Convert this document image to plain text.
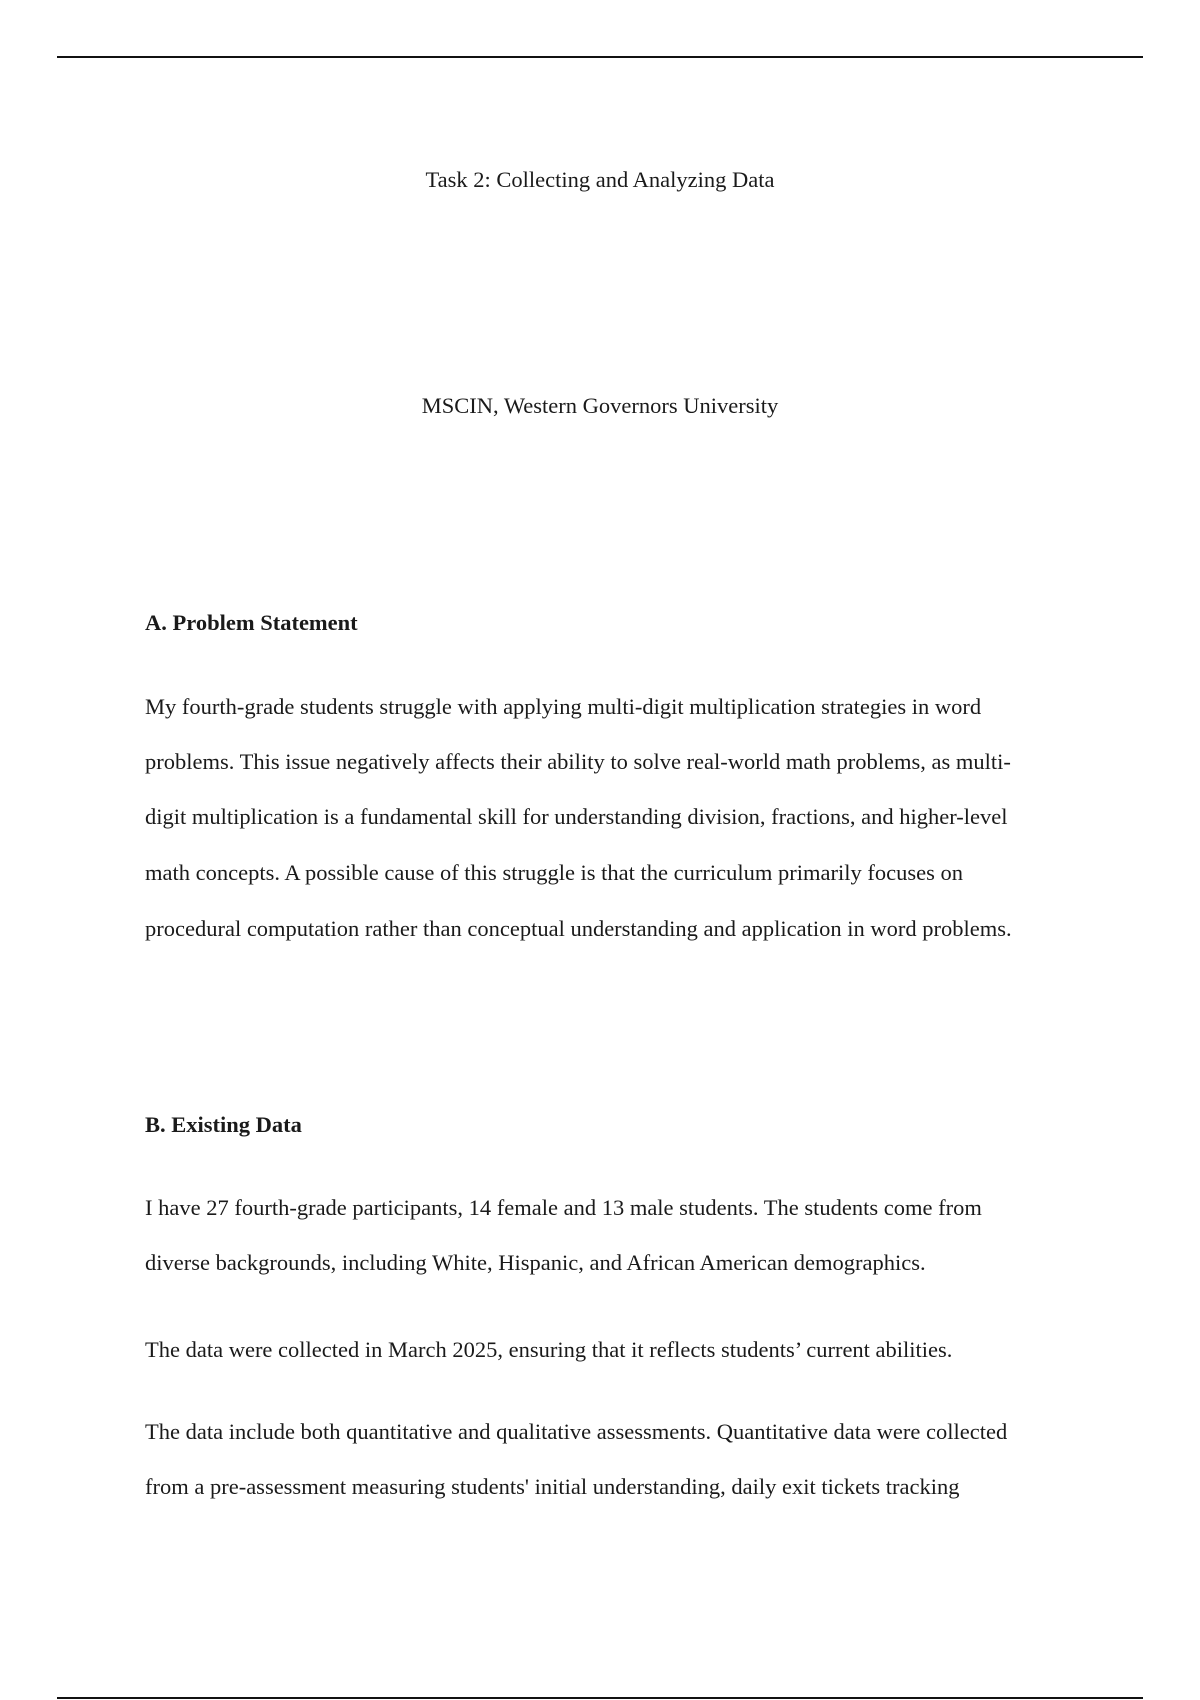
Task 2: Collecting and Analyzing Data
MSCIN, Western Governors University
A. Problem Statement
My fourth-grade students struggle with applying multi-digit multiplication strategies in word
problems. This issue negatively affects their ability to solve real-world math problems, as multi-
digit multiplication is a fundamental skill for understanding division, fractions, and higher-level
math concepts. A possible cause of this struggle is that the curriculum primarily focuses on
procedural computation rather than conceptual understanding and application in word problems.
B. Existing Data
I have 27 fourth-grade participants, 14 female and 13 male students. The students come from
diverse backgrounds, including White, Hispanic, and African American demographics.
The data were collected in March 2025, ensuring that it reflects students’ current abilities.
The data include both quantitative and qualitative assessments. Quantitative data were collected
from a pre-assessment measuring students' initial understanding, daily exit tickets tracking
